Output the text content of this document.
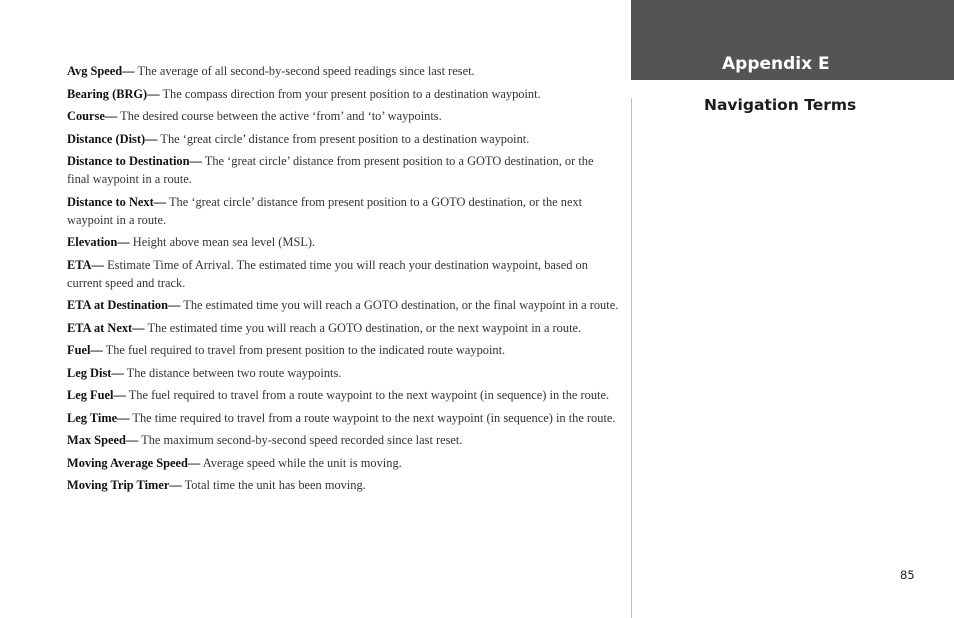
Appendix E
Navigation Terms
Avg Speed— The average of all second-by-second speed readings since last reset.
Bearing (BRG)— The compass direction from your present position to a destination waypoint.
Course— The desired course between the active ‘from’ and ‘to’ waypoints.
Distance (Dist)— The ‘great circle’ distance from present position to a destination waypoint.
Distance to Destination— The ‘great circle’ distance from present position to a GOTO destination, or the final waypoint in a route.
Distance to Next— The ‘great circle’ distance from present position to a GOTO destination, or the next waypoint in a route.
Elevation— Height above mean sea level (MSL).
ETA— Estimate Time of Arrival. The estimated time you will reach your destination waypoint, based on current speed and track.
ETA at Destination— The estimated time you will reach a GOTO destination, or the final waypoint in a route.
ETA at Next— The estimated time you will reach a GOTO destination, or the next waypoint in a route.
Fuel— The fuel required to travel from present position to the indicated route waypoint.
Leg Dist— The distance between two route waypoints.
Leg Fuel— The fuel required to travel from a route waypoint to the next waypoint (in sequence) in the route.
Leg Time— The time required to travel from a route waypoint to the next waypoint (in sequence) in the route.
Max Speed— The maximum second-by-second speed recorded since last reset.
Moving Average Speed— Average speed while the unit is moving.
Moving Trip Timer— Total time the unit has been moving.
85
